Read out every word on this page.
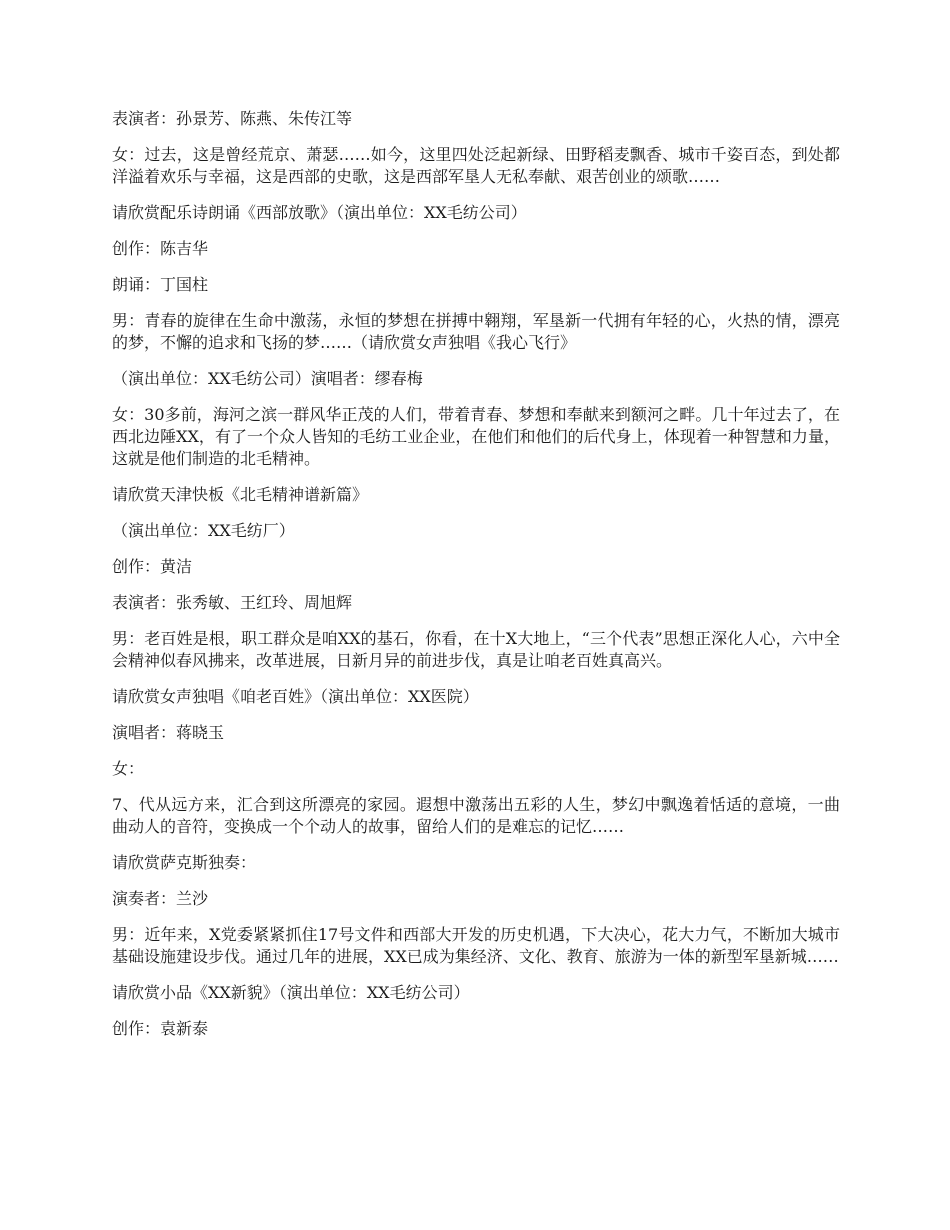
表演者：孙景芳、陈燕、朱传江等

女：过去，这是曾经荒京、萧瑟……如今，这里四处泛起新绿、田野稻麦飘香、城市千姿百态，到处都洋溢着欢乐与幸福，这是西部的史歌，这是西部军垦人无私奉献、艰苦创业的颂歌……

请欣赏配乐诗朗诵《西部放歌》（演出单位：XX毛纺公司）

创作：陈吉华

朗诵：丁国柱

男：青春的旋律在生命中激荡，永恒的梦想在拼搏中翱翔，军垦新一代拥有年轻的心，火热的情，漂亮的梦，不懈的追求和飞扬的梦……（请欣赏女声独唱《我心飞行》

（演出单位：XX毛纺公司）演唱者：缪春梅

女：30多前，海河之滨一群风华正茂的人们，带着青春、梦想和奉献来到额河之畔。几十年过去了，在西北边陲XX，有了一个众人皆知的毛纺工业企业，在他们和他们的后代身上，体现着一种智慧和力量，这就是他们制造的北毛精神。

请欣赏天津快板《北毛精神谱新篇》

（演出单位：XX毛纺厂）

创作：黄洁

表演者：张秀敏、王红玲、周旭辉

男：老百姓是根，职工群众是咱XX的基石，你看，在十X大地上，“三个代表”思想正深化人心，六中全会精神似春风拂来，改革进展，日新月异的前进步伐，真是让咱老百姓真高兴。

请欣赏女声独唱《咱老百姓》（演出单位：XX医院）

演唱者：蒋晓玉

女：

7、代从远方来，汇合到这所漂亮的家园。遐想中激荡出五彩的人生，梦幻中飘逸着恬适的意境，一曲曲动人的音符，变换成一个个动人的故事，留给人们的是难忘的记忆……

请欣赏萨克斯独奏：

演奏者：兰沙

男：近年来，X党委紧紧抓住17号文件和西部大开发的历史机遇，下大决心，花大力气，不断加大城市基础设施建设步伐。通过几年的进展，XX已成为集经济、文化、教育、旅游为一体的新型军垦新城……

请欣赏小品《XX新貌》（演出单位：XX毛纺公司）

创作：袁新泰
